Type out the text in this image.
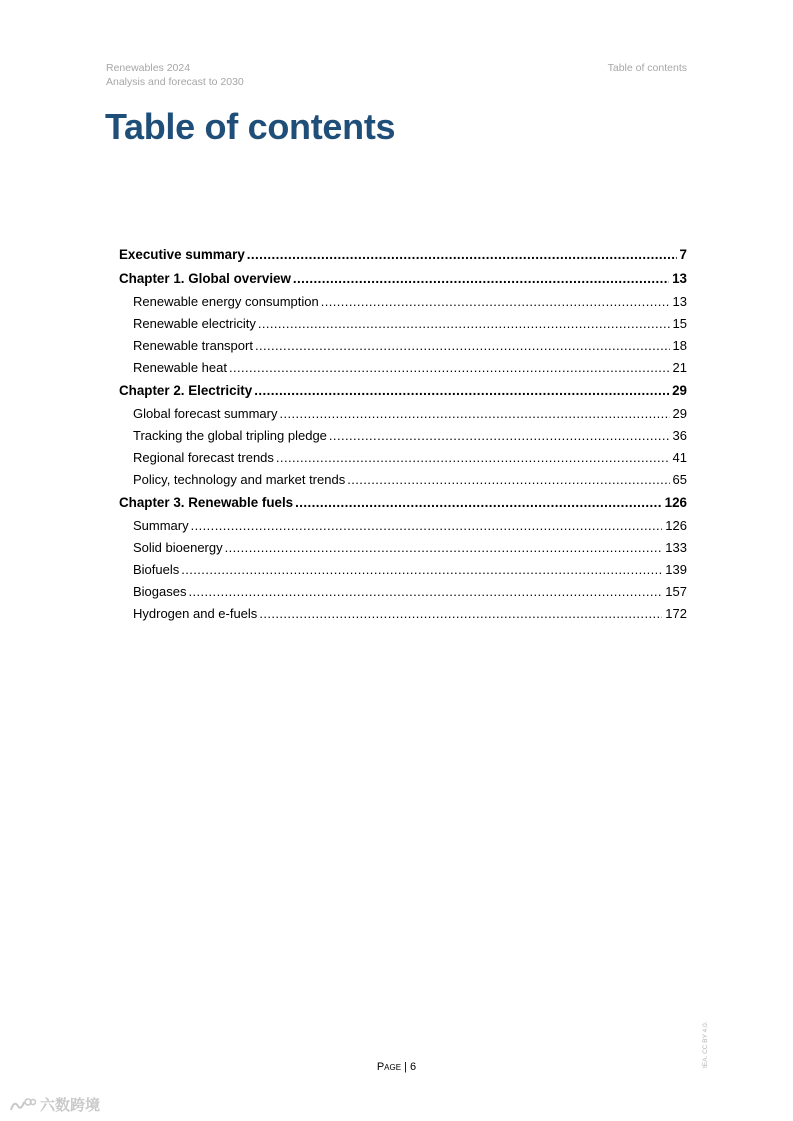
Renewables 2024
Analysis and forecast to 2030
Table of contents
Table of contents
Executive summary .....	7
Chapter 1. Global overview .....	13
Renewable energy consumption .....	13
Renewable electricity .....	15
Renewable transport .....	18
Renewable heat .....	21
Chapter 2. Electricity .....	29
Global forecast summary .....	29
Tracking the global tripling pledge .....	36
Regional forecast trends .....	41
Policy, technology and market trends .....	65
Chapter 3. Renewable fuels .....	126
Summary .....	126
Solid bioenergy .....	133
Biofuels .....	139
Biogases .....	157
Hydrogen and e-fuels .....	172
Page | 6	IEA. CC BY 4.0.
六数跨境
